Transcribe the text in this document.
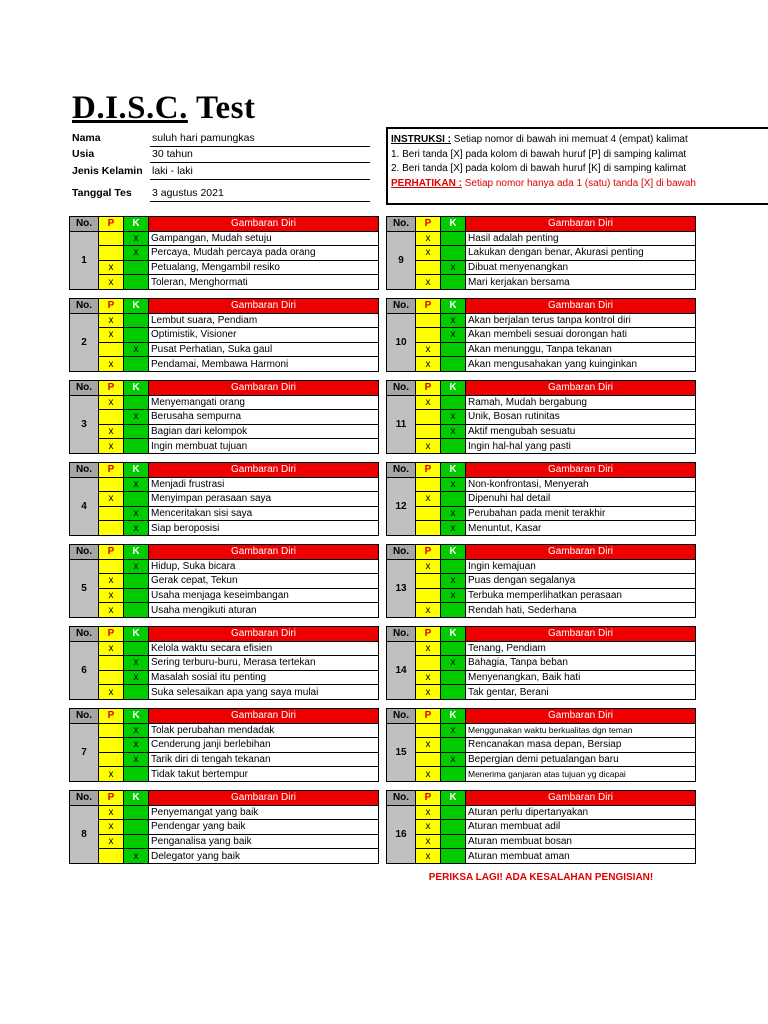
D.I.S.C. Test
Nama	suluh hari pamungkas
Usia	30 tahun
Jenis Kelamin laki - laki
Tanggal Tes 3 agustus 2021
INSTRUKSI : Setiap nomor di bawah ini memuat 4 (empat) kalimat
1. Beri tanda [X] pada kolom di bawah huruf [P] di samping kalimat
2. Beri tanda [X] pada kolom di bawah huruf [K] di samping kalimat
PERHATIKAN : Setiap nomor hanya ada 1 (satu) tanda [X] di bawah
No.	P	K	Gambaran Diri
1		x	Gampangan, Mudah setuju
		x	Percaya, Mudah percaya pada orang
	x		Petualang, Mengambil resiko
	x		Toleran, Menghormati
No.	P	K	Gambaran Diri
2	x		Lembut suara, Pendiam
	x		Optimistik, Visioner
		x	Pusat Perhatian, Suka gaul
	x		Pendamai, Membawa Harmoni
No.	P	K	Gambaran Diri
3	x		Menyemangati orang
		x	Berusaha sempurna
	x		Bagian dari kelompok
	x		Ingin membuat tujuan
No.	P	K	Gambaran Diri
4		x	Menjadi frustrasi
	x		Menyimpan perasaan saya
		x	Menceritakan sisi saya
		x	Siap beroposisi
No.	P	K	Gambaran Diri
5		x	Hidup, Suka bicara
	x		Gerak cepat, Tekun
	x		Usaha menjaga keseimbangan
	x		Usaha mengikuti aturan
No.	P	K	Gambaran Diri
6	x		Kelola waktu secara efisien
		x	Sering terburu-buru, Merasa tertekan
		x	Masalah sosial itu penting
	x		Suka selesaikan apa yang saya mulai
No.	P	K	Gambaran Diri
7		x	Tolak perubahan mendadak
		x	Cenderung janji berlebihan
		x	Tarik diri di tengah tekanan
	x		Tidak takut bertempur
No.	P	K	Gambaran Diri
8	x		Penyemangat yang baik
	x		Pendengar yang baik
	x		Penganalisa yang baik
		x	Delegator yang baik
No.	P	K	Gambaran Diri
9	x		Hasil adalah penting
	x		Lakukan dengan benar, Akurasi penting
		x	Dibuat menyenangkan
	x		Mari kerjakan bersama
No.	P	K	Gambaran Diri
10		x	Akan berjalan terus tanpa kontrol diri
		x	Akan membeli sesuai dorongan hati
	x		Akan menunggu, Tanpa tekanan
	x		Akan mengusahakan yang kuinginkan
No.	P	K	Gambaran Diri
11	x		Ramah, Mudah bergabung
		x	Unik, Bosan rutinitas
		x	Aktif mengubah sesuatu
	x		Ingin hal-hal yang pasti
No.	P	K	Gambaran Diri
12		x	Non-konfrontasi, Menyerah
	x		Dipenuhi hal detail
		x	Perubahan pada menit terakhir
		x	Menuntut, Kasar
No.	P	K	Gambaran Diri
13	x		Ingin kemajuan
		x	Puas dengan segalanya
		x	Terbuka memperlihatkan perasaan
	x		Rendah hati, Sederhana
No.	P	K	Gambaran Diri
14	x		Tenang, Pendiam
		x	Bahagia, Tanpa beban
	x		Menyenangkan, Baik hati
	x		Tak gentar, Berani
No.	P	K	Gambaran Diri
15		x	Menggunakan waktu berkualitas dgn teman
	x		Rencanakan masa depan, Bersiap
		x	Bepergian demi petualangan baru
	x		Menerima ganjaran atas tujuan yg dicapai
No.	P	K	Gambaran Diri
16	x		Aturan perlu dipertanyakan
	x		Aturan membuat adil
	x		Aturan membuat bosan
	x		Aturan membuat aman
PERIKSA LAGI! ADA KESALAHAN PENGISIAN!
